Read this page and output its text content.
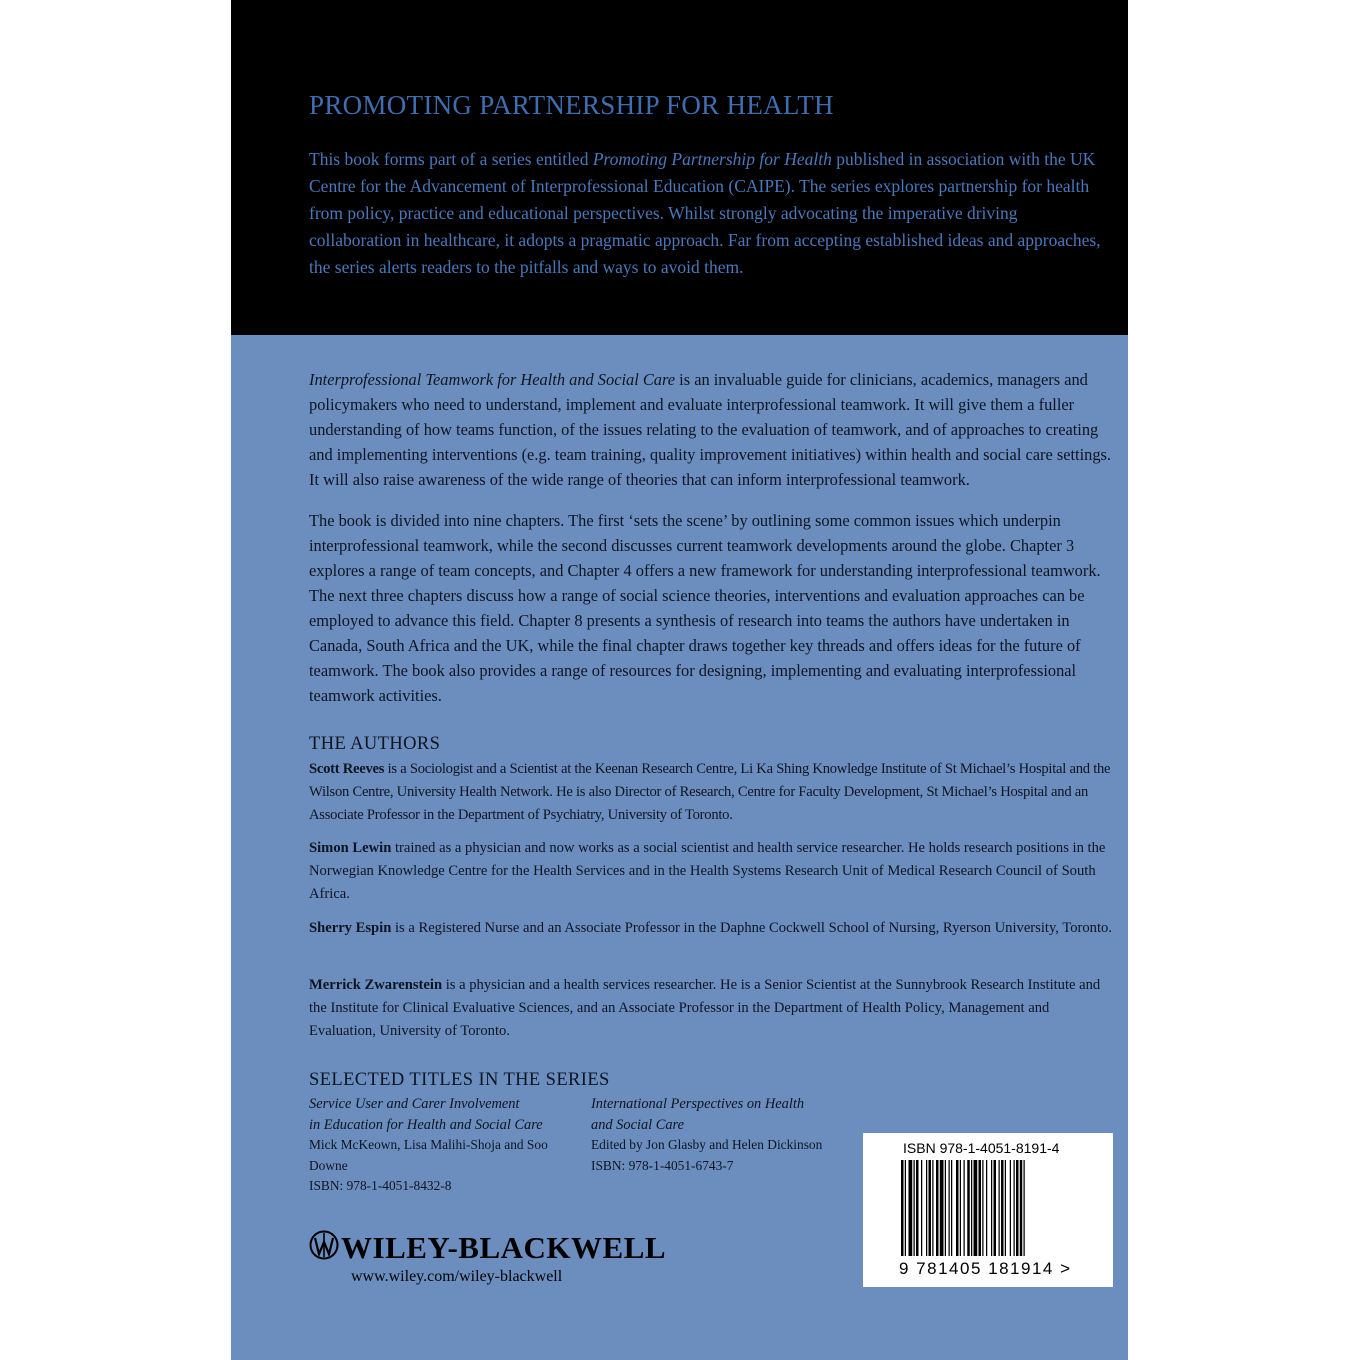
PROMOTING PARTNERSHIP FOR HEALTH

This book forms part of a series entitled Promoting Partnership for Health published in association with the UK Centre for the Advancement of Interprofessional Education (CAIPE). The series explores partnership for health from policy, practice and educational perspectives. Whilst strongly advocating the imperative driving collaboration in healthcare, it adopts a pragmatic approach. Far from accepting established ideas and approaches, the series alerts readers to the pitfalls and ways to avoid them.

Interprofessional Teamwork for Health and Social Care is an invaluable guide for clinicians, academics, managers and policymakers who need to understand, implement and evaluate interprofessional teamwork. It will give them a fuller understanding of how teams function, of the issues relating to the evaluation of teamwork, and of approaches to creating and implementing interventions (e.g. team training, quality improvement initiatives) within health and social care settings. It will also raise awareness of the wide range of theories that can inform interprofessional teamwork.

The book is divided into nine chapters. The first ‘sets the scene’ by outlining some common issues which underpin interprofessional teamwork, while the second discusses current teamwork developments around the globe. Chapter 3 explores a range of team concepts, and Chapter 4 offers a new framework for understanding interprofessional teamwork. The next three chapters discuss how a range of social science theories, interventions and evaluation approaches can be employed to advance this field. Chapter 8 presents a synthesis of research into teams the authors have undertaken in Canada, South Africa and the UK, while the final chapter draws together key threads and offers ideas for the future of teamwork. The book also provides a range of resources for designing, implementing and evaluating interprofessional teamwork activities.

THE AUTHORS

Scott Reeves is a Sociologist and a Scientist at the Keenan Research Centre, Li Ka Shing Knowledge Institute of St Michael’s Hospital and the Wilson Centre, University Health Network. He is also Director of Research, Centre for Faculty Development, St Michael’s Hospital and an Associate Professor in the Department of Psychiatry, University of Toronto.

Simon Lewin trained as a physician and now works as a social scientist and health service researcher. He holds research positions in the Norwegian Knowledge Centre for the Health Services and in the Health Systems Research Unit of Medical Research Council of South Africa.

Sherry Espin is a Registered Nurse and an Associate Professor in the Daphne Cockwell School of Nursing, Ryerson University, Toronto.

Merrick Zwarenstein is a physician and a health services researcher. He is a Senior Scientist at the Sunnybrook Research Institute and the Institute for Clinical Evaluative Sciences, and an Associate Professor in the Department of Health Policy, Management and Evaluation, University of Toronto.

SELECTED TITLES IN THE SERIES
Service User and Carer Involvement
in Education for Health and Social Care
Mick McKeown, Lisa Malihi-Shoja and Soo Downe
ISBN: 978-1-4051-8432-8
International Perspectives on Health
and Social Care
Edited by Jon Glasby and Helen Dickinson
ISBN: 978-1-4051-6743-7
ISBN 978-1-4051-8191-4
9 781405 181914 >
WILEY-BLACKWELL
www.wiley.com/wiley-blackwell
